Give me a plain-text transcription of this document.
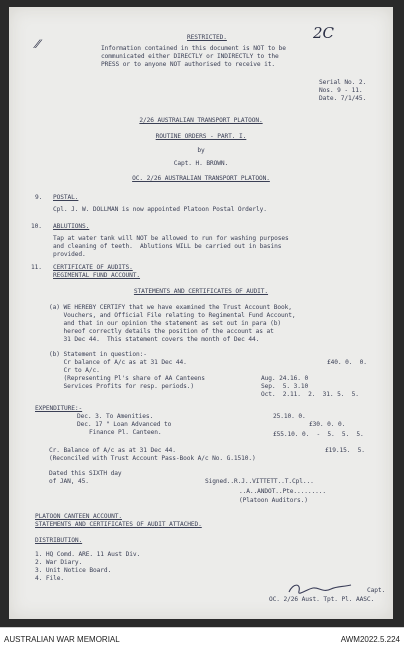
2C
⁄⁄
RESTRICTED.
Information contained in this document is NOT to be
communicated either DIRECTLY or INDIRECTLY to the
PRESS or to anyone NOT authorised to receive it.
Serial No. 2.
Nos. 9 - 11.
Date. 7/1/45.
2/26 AUSTRALIAN TRANSPORT PLATOON.
ROUTINE ORDERS - PART. I.
by
Capt. H. BROWN.
OC. 2/26 AUSTRALIAN TRANSPORT PLATOON.
9. POSTAL.
Cpl. J. W. DOLLMAN is now appointed Platoon Postal Orderly.
10. ABLUTIONS.
Tap at water tank will NOT be allowed to run for washing purposes
and cleaning of teeth.  Ablutions WILL be carried out in basins
provided.
11. CERTIFICATE OF AUDITS.
REGIMENTAL FUND ACCOUNT.
STATEMENTS AND CERTIFICATES OF AUDIT.
(a) WE HEREBY CERTIFY that we have examined the Trust Account Book,
Vouchers, and Official File relating to Regimental Fund Account,
and that in our opinion the statement as set out in para (b)
hereof correctly details the position of the account as at
31 Dec 44.  This statement covers the month of Dec 44.
(b) Statement in question:-
Cr balance of A/c as at 31 Dec 44.
Cr to A/c.
(Representing Pl's share of AA Canteens
Services Profits for resp. periods.)
£40. 0.  0.
Aug. 24.16. 0
Sep.  5. 3.10
Oct.  2.11.  2.  31. 5.  5.
EXPENDITURE:-
Dec. 3. To Amenities.
Dec. 17 " Loan Advanced to
Finance Pl. Canteen.
25.10. 0.
£30. 0. 0.
£55.10. 0.  -  5.  5.  5.
Cr. Balance of A/c as at 31 Dec 44.
(Reconciled with Trust Account Pass-Book A/c No. G.1510.)
£19.15.  5.
Dated this SIXTH day
of JAN, 45.	Signed..R.J..VITTETT..T.Cpl...
..A..ANDOT..Pte.........
(Platoon Auditors.)
PLATOON CANTEEN ACCOUNT.
STATEMENTS AND CERTIFICATES OF AUDIT ATTACHED.
DISTRIBUTION.
1. HQ Comd. ARE. 11 Aust Div.
2. War Diary.
3. Unit Notice Board.
4. File.
Capt.
OC. 2/26 Aust. Tpt. Pl. AASC.
AUSTRALIAN WAR MEMORIAL	AWM2022.5.224
